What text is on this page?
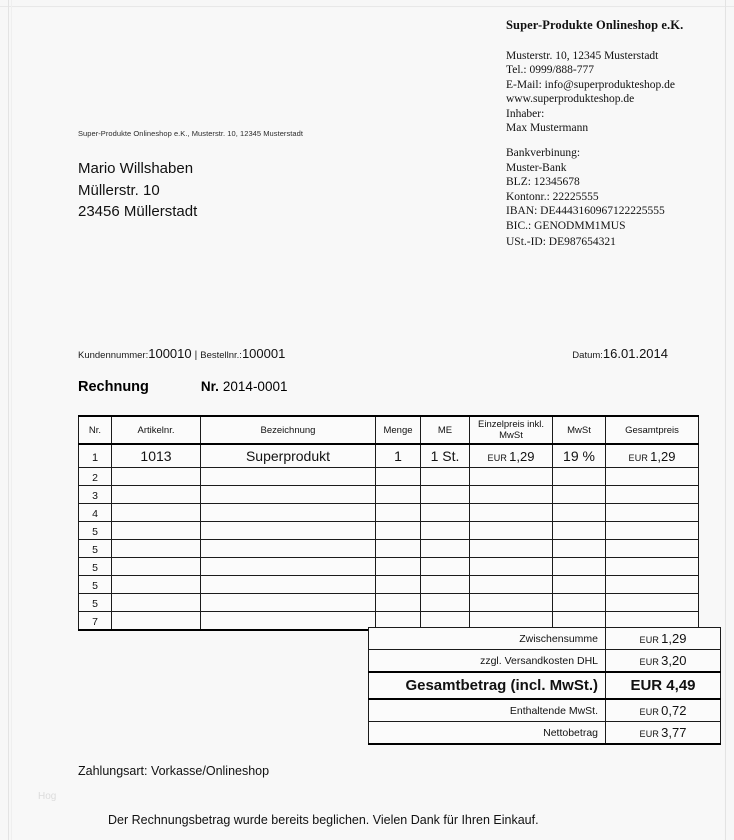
Super-Produkte Onlineshop e.K.
Musterstr. 10, 12345 Musterstadt
Tel.: 0999/888-777
E-Mail: info@superprodukteshop.de
www.superprodukteshop.de
Inhaber:
Max Mustermann
Bankverbinung:
Muster-Bank
BLZ: 12345678
Kontonr.: 22225555
IBAN: DE4443160967122225555
BIC.: GENODMM1MUS
USt.-ID: DE987654321
Super-Produkte Onlineshop e.K., Musterstr. 10, 12345 Musterstadt
Mario Willshaben
Müllerstr. 10
23456 Müllerstadt
Kundennummer:100010 | Bestellnr.:100001	Datum:16.01.2014
Rechnung	Nr. 2014-0001
Nr.	Artikelnr.	Bezeichnung	Menge	ME	Einzelpreis inkl. MwSt	MwSt	Gesamtpreis
1	1013	Superprodukt	1	1 St.	EUR 1,29	19 %	EUR 1,29
2							
3							
4							
5							
5							
5							
5							
5							
7							
Zwischensumme	EUR 1,29
zzgl. Versandkosten DHL	EUR 3,20
Gesamtbetrag (incl. MwSt.)	EUR 4,49
Enthaltende MwSt.	EUR 0,72
Nettobetrag	EUR 3,77
Zahlungsart: Vorkasse/Onlineshop
Hog
Der Rechnungsbetrag wurde bereits beglichen. Vielen Dank für Ihren Einkauf.
